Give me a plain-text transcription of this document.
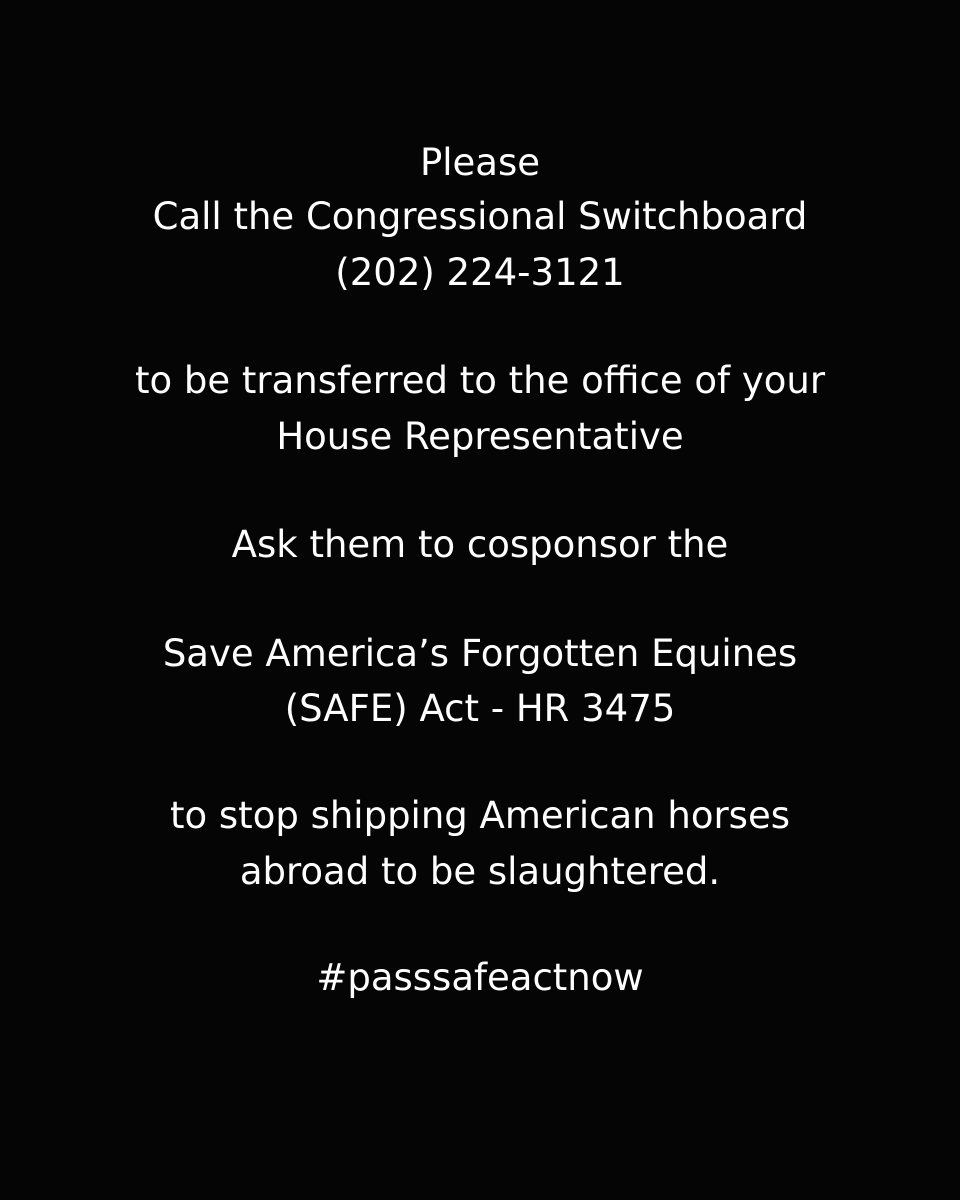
Please
Call the Congressional Switchboard
(202) 224-3121
to be transferred to the office of your
House Representative
Ask them to cosponsor the
Save America’s Forgotten Equines
(SAFE) Act - HR 3475
to stop shipping American horses
abroad to be slaughtered.
#passsafeactnow
